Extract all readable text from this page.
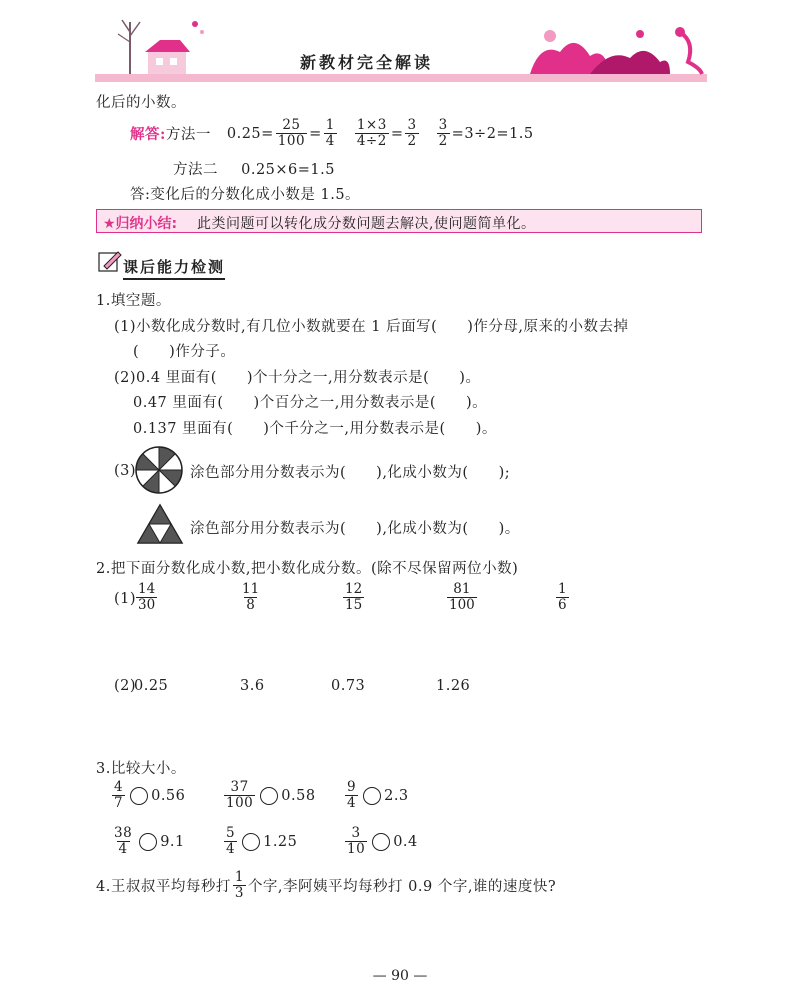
新教材完全解读
化后的小数。
解答: 方法一 $0.25= \frac{25}{100} = \frac{1}{4} \frac{1\times 3}{4\div 2} = \frac{3}{2} \frac{3}{2} =3\div 2=1.5$
方法二 0.25×6=1.5
答:变化后的分数化成小数是 1.5。
★归纳小结: 此类问题可以转化成分数问题去解决,使问题简单化。
课后能力检测
1.填空题。
(1)小数化成分数时,有几位小数就要在 1 后面写(　　)作分母,原来的小数去掉
(　　)作分子。
(2)0.4 里面有(　　)个十分之一,用分数表示是(　　)。
0.47 里面有(　　)个百分之一,用分数表示是(　　)。
0.137 里面有(　　)个千分之一,用分数表示是(　　)。
(3)	涂色部分用分数表示为(　　),化成小数为(　　);
涂色部分用分数表示为(　　),化成小数为(　　)。
2.把下面分数化成小数,把小数化成分数。(除不尽保留两位小数)
$(1) \frac{14}{30}$	$\frac{11}{8}$	$\frac{12}{15}$	$\frac{81}{100}$	$\frac{1}{6}$
(2)
0.25	3.6	0.73	1.26
3.比较大小。
$\frac{4}{7} 0.56$	$\frac{37}{100} 0.58 \frac{9}{4} 2.3$
$\frac{38}{4} 9.1$	$\frac{5}{4} 1.25$	$\frac{3}{10} 0.4$
4.王叔叔平均每秒打 $\frac{1}{3}$ 个字,李阿姨平均每秒打 0.9 个字,谁的速度快?
— 90 —
